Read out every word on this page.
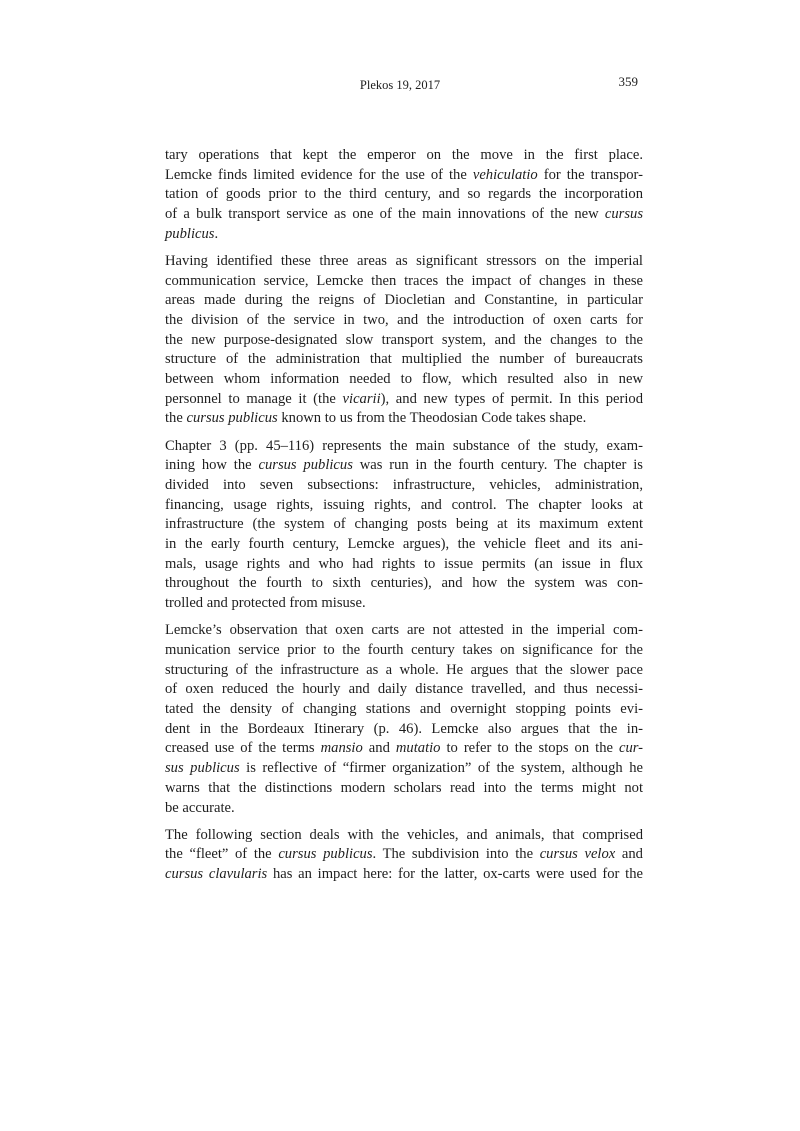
Plekos 19, 2017	359
tary operations that kept the emperor on the move in the first place.
Lemcke finds limited evidence for the use of the vehiculatio for the transpor-
tation of goods prior to the third century, and so regards the incorporation
of a bulk transport service as one of the main innovations of the new cursus
publicus.
Having identified these three areas as significant stressors on the imperial
communication service, Lemcke then traces the impact of changes in these
areas made during the reigns of Diocletian and Constantine, in particular
the division of the service in two, and the introduction of oxen carts for
the new purpose-designated slow transport system, and the changes to the
structure of the administration that multiplied the number of bureaucrats
between whom information needed to flow, which resulted also in new
personnel to manage it (the vicarii), and new types of permit. In this period
the cursus publicus known to us from the Theodosian Code takes shape.
Chapter 3 (pp. 45–116) represents the main substance of the study, exam-
ining how the cursus publicus was run in the fourth century. The chapter is
divided into seven subsections: infrastructure, vehicles, administration,
financing, usage rights, issuing rights, and control. The chapter looks at
infrastructure (the system of changing posts being at its maximum extent
in the early fourth century, Lemcke argues), the vehicle fleet and its ani-
mals, usage rights and who had rights to issue permits (an issue in flux
throughout the fourth to sixth centuries), and how the system was con-
trolled and protected from misuse.
Lemcke’s observation that oxen carts are not attested in the imperial com-
munication service prior to the fourth century takes on significance for the
structuring of the infrastructure as a whole. He argues that the slower pace
of oxen reduced the hourly and daily distance travelled, and thus necessi-
tated the density of changing stations and overnight stopping points evi-
dent in the Bordeaux Itinerary (p. 46). Lemcke also argues that the in-
creased use of the terms mansio and mutatio to refer to the stops on the cur-
sus publicus is reflective of “firmer organization” of the system, although he
warns that the distinctions modern scholars read into the terms might not
be accurate.
The following section deals with the vehicles, and animals, that comprised
the “fleet” of the cursus publicus. The subdivision into the cursus velox and
cursus clavularis has an impact here: for the latter, ox-carts were used for the
